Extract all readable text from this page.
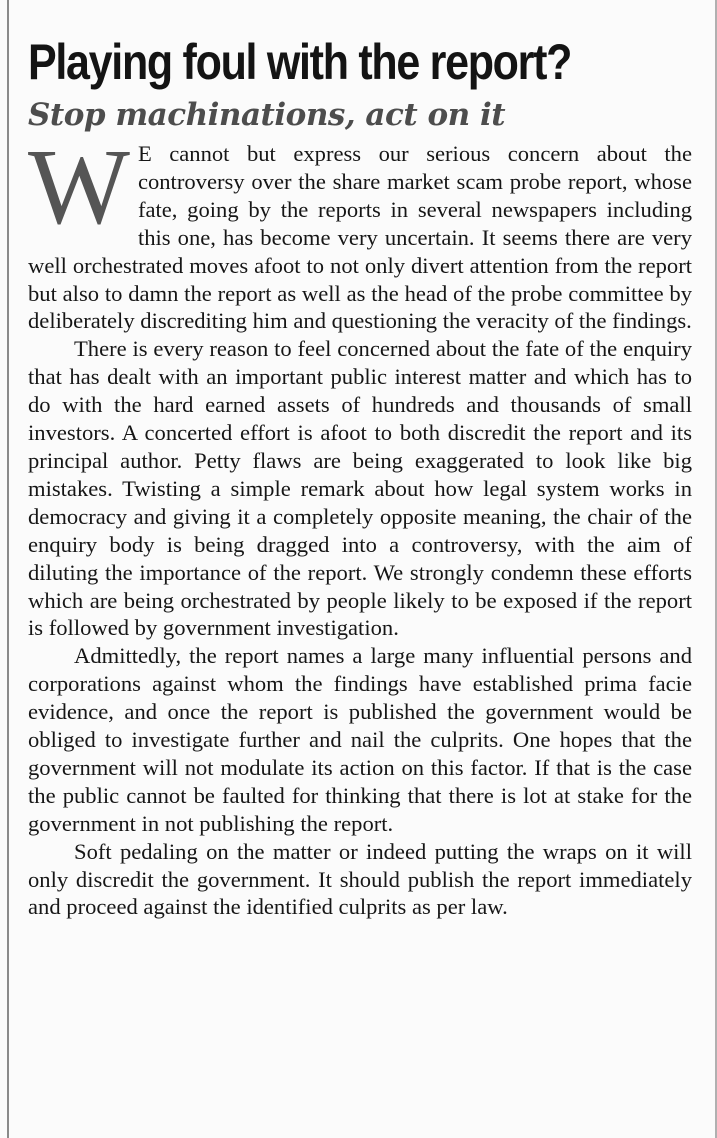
Playing foul with the report?
Stop machinations, act on it

W E cannot but express our serious concern about the controversy over the share market scam probe report, whose fate, going by the reports in several newspapers including this one, has become very uncertain. It seems there are very well orchestrated moves afoot to not only divert attention from the report but also to damn the report as well as the head of the probe committee by deliberately discrediting him and questioning the veracity of the findings.

There is every reason to feel concerned about the fate of the enquiry that has dealt with an important public interest matter and which has to do with the hard earned assets of hundreds and thousands of small investors. A concerted effort is afoot to both discredit the report and its principal author. Petty flaws are being exaggerated to look like big mistakes. Twisting a simple remark about how legal system works in democracy and giving it a completely opposite meaning, the chair of the enquiry body is being dragged into a controversy, with the aim of diluting the importance of the report. We strongly condemn these efforts which are being orchestrated by people likely to be exposed if the report is followed by government investigation.

Admittedly, the report names a large many influential persons and corporations against whom the findings have established prima facie evidence, and once the report is published the government would be obliged to investigate further and nail the culprits. One hopes that the government will not modulate its action on this factor. If that is the case the public cannot be faulted for thinking that there is lot at stake for the government in not publishing the report.

Soft pedaling on the matter or indeed putting the wraps on it will only discredit the government. It should publish the report immediately and proceed against the identified culprits as per law.
